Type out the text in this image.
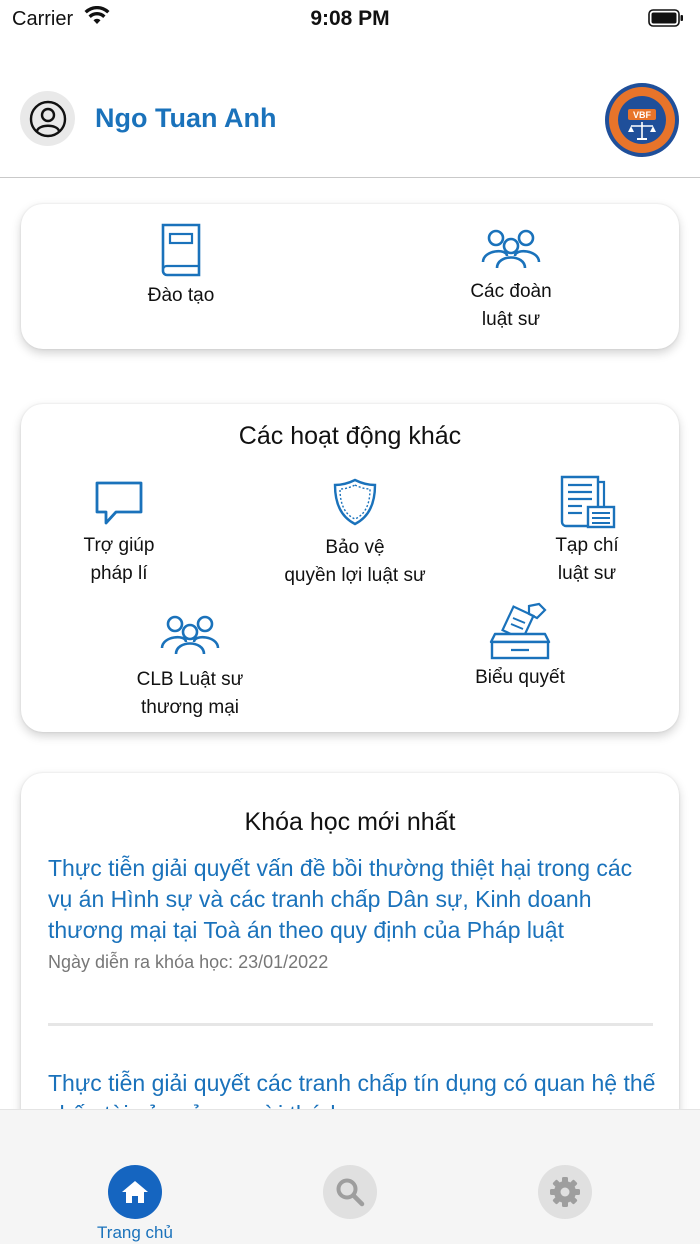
Carrier	9:08 PM
Ngo Tuan Anh	VBF
Đào tạo	Các đoàn
luật sư
Các hoạt động khác
Trợ giúp
pháp lí
Bảo vệ
quyền lợi luật sư
Tạp chí
luật sư
CLB Luật sư
thương mại
Biểu quyết
Khóa học mới nhất
Thực tiễn giải quyết vấn đề bồi thường thiệt hại trong các vụ án Hình sự và các tranh chấp Dân sự, Kinh doanh thương mại tại Toà án theo quy định của Pháp luật
Ngày diễn ra khóa học: 23/01/2022
Thực tiễn giải quyết các tranh chấp tín dụng có quan hệ thế
Trang chủ
